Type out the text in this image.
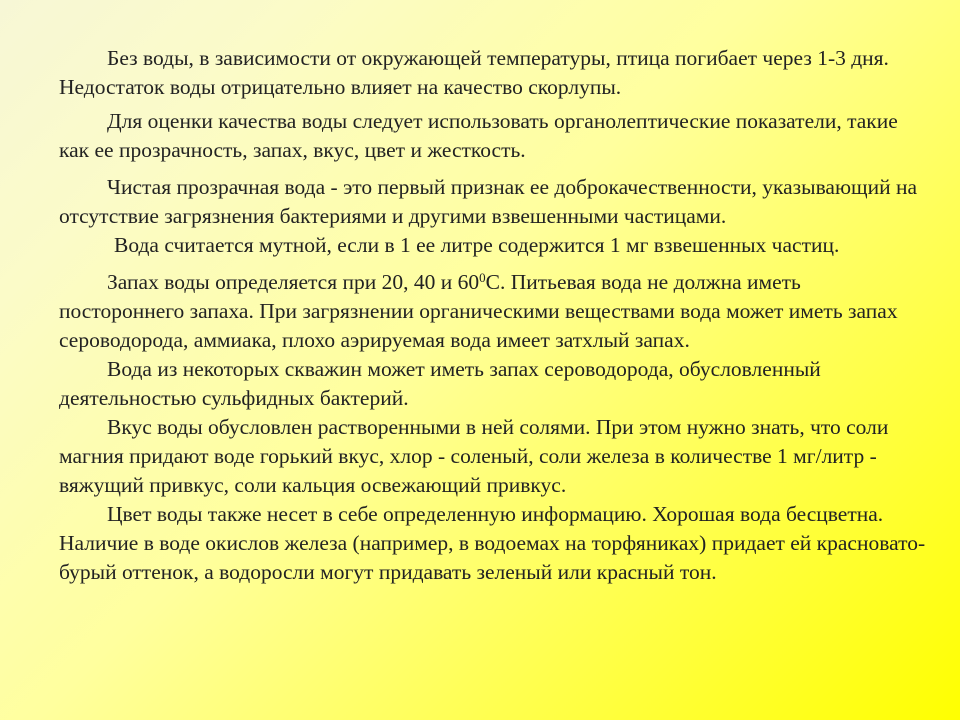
Без воды, в зависимости от окружающей температуры, птица погибает через 1-3 дня. Недостаток воды отрицательно влияет на качество скорлупы.

Для оценки качества воды следует использовать органолептические показатели, такие как ее прозрачность, запах, вкус, цвет и жесткость.

Чистая прозрачная вода - это первый признак ее доброкачественности, указывающий на отсутствие загрязнения бактериями и другими взвешенными частицами.

Вода считается мутной, если в 1 ее литре содержится 1 мг взвешенных частиц.

Запах воды определяется при 20, 40 и $60^0С$. Питьевая вода не должна иметь постороннего запаха. При загрязнении органическими веществами вода может иметь запах сероводорода, аммиака, плохо аэрируемая вода имеет затхлый запах.

Вода из некоторых скважин может иметь запах сероводорода, обусловленный деятельностью сульфидных бактерий.

Вкус воды обусловлен растворенными в ней солями. При этом нужно знать, что соли магния придают воде горький вкус, хлор - соленый, соли железа в количестве 1 мг/литр - вяжущий привкус, соли кальция освежающий привкус.

Цвет воды также несет в себе определенную информацию. Хорошая вода бесцветна. Наличие в воде окислов железа (например, в водоемах на торфяниках) придает ей красновато-бурый оттенок, а водоросли могут придавать зеленый или красный тон.
